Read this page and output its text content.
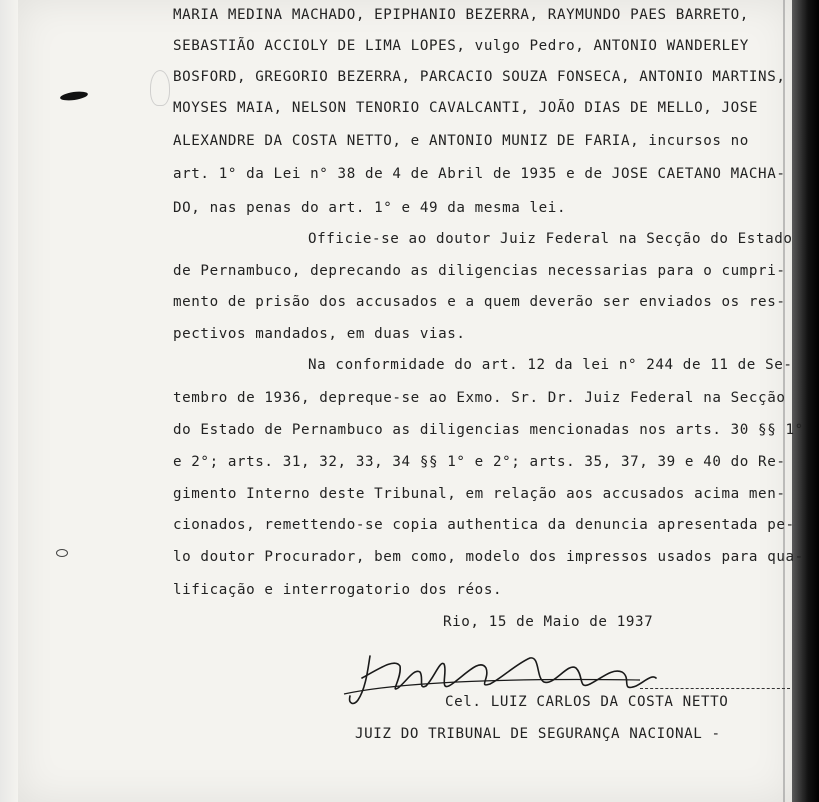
MARIA MEDINA MACHADO, EPIPHANIO BEZERRA, RAYMUNDO PAES BARRETO,
SEBASTIÃO ACCIOLY DE LIMA LOPES, vulgo Pedro, ANTONIO WANDERLEY
BOSFORD, GREGORIO BEZERRA, PARCACIO SOUZA FONSECA, ANTONIO MARTINS,
MOYSES MAIA, NELSON TENORIO CAVALCANTI, JOÃO DIAS DE MELLO, JOSE
ALEXANDRE DA COSTA NETTO, e ANTONIO MUNIZ DE FARIA, incursos no
art. 1° da Lei n° 38 de 4 de Abril de 1935 e de JOSE CAETANO MACHA-
DO, nas penas do art. 1° e 49 da mesma lei.
Officie-se ao doutor Juiz Federal na Secção do Estado
de Pernambuco, deprecando as diligencias necessarias para o cumpri-
mento de prisão dos accusados e a quem deverão ser enviados os res-
pectivos mandados, em duas vias.
Na conformidade do art. 12 da lei n° 244 de 11 de Se-
tembro de 1936, depreque-se ao Exmo. Sr. Dr. Juiz Federal na Secção
do Estado de Pernambuco as diligencias mencionadas nos arts. 30 §§ 1°
e 2°; arts. 31, 32, 33, 34 §§ 1° e 2°; arts. 35, 37, 39 e 40 do Re-
gimento Interno deste Tribunal, em relação aos accusados acima men-
cionados, remettendo-se copia authentica da denuncia apresentada pe-
lo doutor Procurador, bem como, modelo dos impressos usados para qua-
lificação e interrogatorio dos réos.
Rio, 15 de Maio de 1937
Cel. LUIZ CARLOS DA COSTA NETTO
JUIZ DO TRIBUNAL DE SEGURANÇA NACIONAL -
